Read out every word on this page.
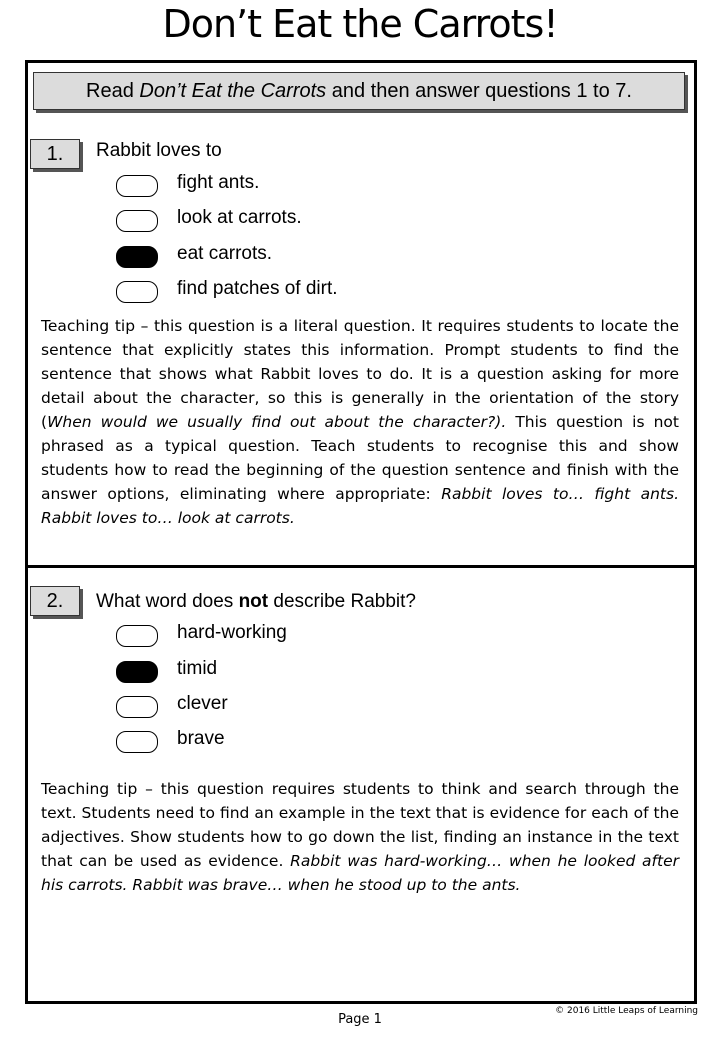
Don’t Eat the Carrots!
Read Don’t Eat the Carrots and then answer questions 1 to 7.
1.	Rabbit loves to
fight ants.
look at carrots.
eat carrots.
find patches of dirt.
Teaching tip – this question is a literal question. It requires students to locate the sentence that explicitly states this information. Prompt students to find the sentence that shows what Rabbit loves to do. It is a question asking for more detail about the character, so this is generally in the orientation of the story (When would we usually find out about the character?). This question is not phrased as a typical question. Teach students to recognise this and show students how to read the beginning of the question sentence and finish with the answer options, eliminating where appropriate: Rabbit loves to… fight ants. Rabbit loves to… look at carrots.
2.	What word does not describe Rabbit?
hard-working
timid
clever
brave
Teaching tip – this question requires students to think and search through the text. Students need to find an example in the text that is evidence for each of the adjectives. Show students how to go down the list, finding an instance in the text that can be used as evidence. Rabbit was hard-working… when he looked after his carrots. Rabbit was brave… when he stood up to the ants.
© 2016 Little Leaps of Learning
Page 1
